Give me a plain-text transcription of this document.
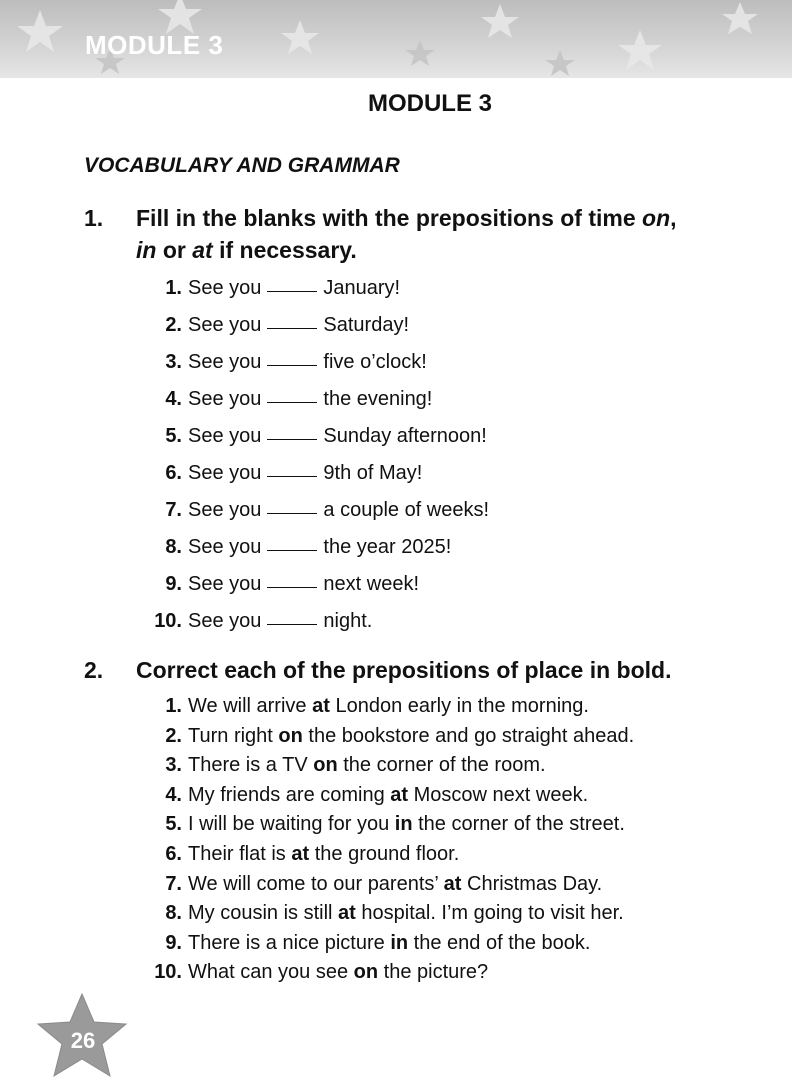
MODULE 3
MODULE 3
VOCABULARY AND GRAMMAR
1. Fill in the blanks with the prepositions of time on,
in or at if necessary.
1. See you	January!
2. See you	Saturday!
3. See you	five o’clock!
4. See you	the evening!
5. See you	Sunday afternoon!
6. See you	9th of May!
7. See you	a couple of weeks!
8. See you	the year 2025!
9. See you	next week!
10. See you	night.
2. Correct each of the prepositions of place in bold.
1. We will arrive at London early in the morning.
2. Turn right on the bookstore and go straight ahead.
3. There is a TV on the corner of the room.
4. My friends are coming at Moscow next week.
5. I will be waiting for you in the corner of the street.
6. Their flat is at the ground floor.
7. We will come to our parents’ at Christmas Day.
8. My cousin is still at hospital. I’m going to visit her.
9. There is a nice picture in the end of the book.
10. What can you see on the picture?
26
